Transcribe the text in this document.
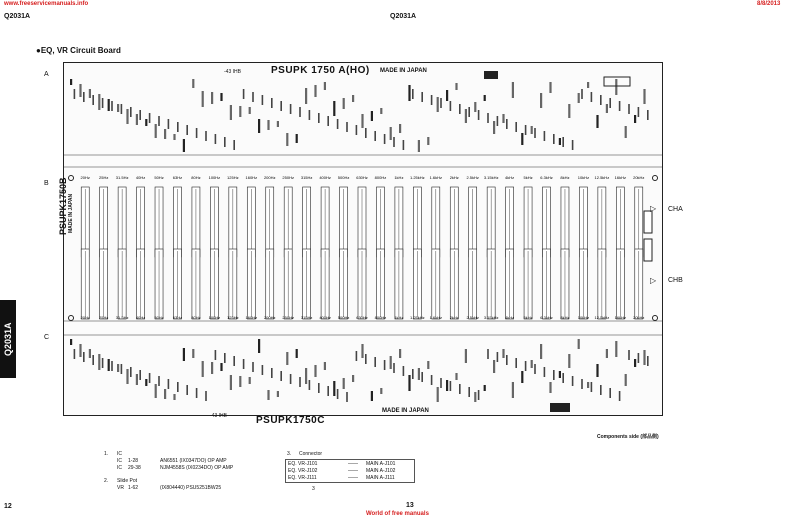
www.freeservicemanuals.info	8/8/2013
Q2031A	Q2031A
●EQ, VR Circuit Board
A
B
C
Q2031A
20Hz
20Hz
25Hz
25Hz
31.5Hz
31.5Hz
40Hz
40Hz
50Hz
50Hz
63Hz
63Hz
80Hz
80Hz
100Hz
100Hz
125Hz
125Hz
160Hz
160Hz
200Hz
200Hz
250Hz
250Hz
315Hz
315Hz
400Hz
400Hz
500Hz
500Hz
630Hz
630Hz
800Hz
800Hz
1kHz
1kHz
1.25kHz
1.25kHz
1.6kHz
1.6kHz
2kHz
2kHz
2.5kHz
2.5kHz
3.15kHz
3.15kHz
4kHz
4kHz
5kHz
5kHz
6.3kHz
6.3kHz
8kHz
8kHz
10kHz
10kHz
12.5kHz
12.5kHz
16kHz
16kHz
20kHz
20kHz
PSUPK 1750 A(HO) MADE IN JAPAN
-43 IHB
PSUPK1750C
MADE IN JAPAN
-43 IHB
PSUPK1750B MADE IN JAPAN	CHA
CHB
▷
▷
Components side (部品側)
1. IC
IC 1-28	AN6551 (IX0347DO) OP AMP
IC 29-38	NJM4558S (IX0234DO) OP AMP
2. Slide Pot
VR 1-62	(IX804440) PSU5251BW25
3. Connector
EQ. VR-J101	—— MAIN A-J101
EQ. VR-J102	—— MAIN A-J102
EQ. VR-J111	—— MAIN A-J111
3
12	13
World of free manuals
